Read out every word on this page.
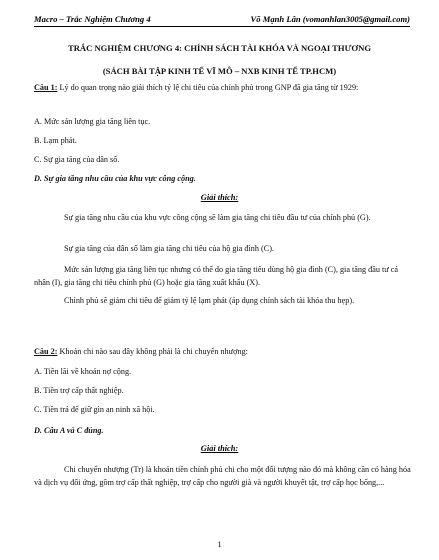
Macro – Trắc Nghiệm Chương 4	Võ Mạnh Lân (vomanhlan3005@gmail.com)
TRẮC NGHIỆM CHƯƠNG 4: CHÍNH SÁCH TÀI KHÓA VÀ NGOẠI THƯƠNG
(SÁCH BÀI TẬP KINH TẾ VĨ MÔ – NXB KINH TẾ TP.HCM)
Câu 1: Lý do quan trọng nào giải thích tỷ lệ chi tiêu của chính phủ trong GNP đã gia tăng từ 1929:
A. Mức sản lượng gia tăng liên tục.
B. Lạm phát.
C. Sự gia tăng của dân số.
D. Sự gia tăng nhu cầu của khu vực công cộng.
Giải thích:
Sự gia tăng nhu cầu của khu vực công cộng sẽ làm gia tăng chi tiêu đầu tư của chính phủ (G).
Sự gia tăng của dân số làm gia tăng chi tiêu của hộ gia đình (C).
Mức sản lượng gia tăng liên tục nhưng có thể do gia tăng tiêu dùng hộ gia đình (C), gia tăng đầu tư cá nhân (I), gia tăng chi tiêu chính phủ (G) hoặc gia tăng xuất khẩu (X).
Chính phủ sẽ giảm chi tiêu để giảm tỷ lệ lạm phát (áp dụng chính sách tài khóa thu hẹp).
Câu 2: Khoản chi nào sau đây không phải là chi chuyển nhượng:
A. Tiền lãi về khoản nợ cộng.
B. Tiền trợ cấp thất nghiệp.
C. Tiền trả để giữ gìn an ninh xã hội.
D. Câu A và C đúng.
Giải thích:
Chi chuyển nhượng (Tr) là khoản tiền chính phủ chi cho một đối tượng nào đó mà không cần có hàng hóa và dịch vụ đối ứng, gồm trợ cấp thất nghiệp, trợ cấp cho người già và người khuyết tật, trợ cấp học bổng,...
1
